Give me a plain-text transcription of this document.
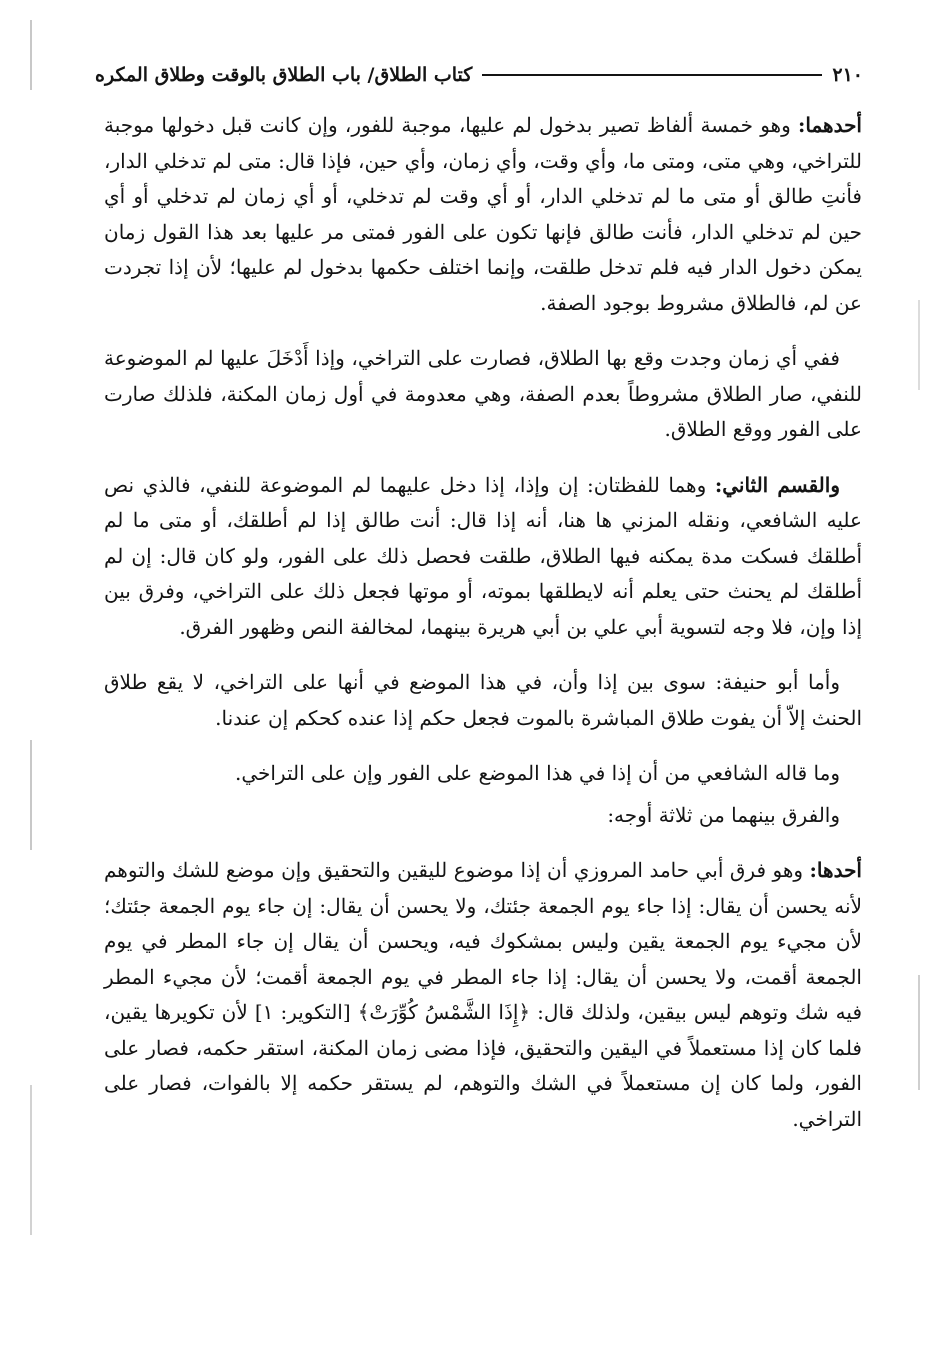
٢١٠
كتاب الطلاق/ باب الطلاق بالوقت وطلاق المكره

أحدهما: وهو خمسة ألفاظ تصير بدخول لم عليها، موجبة للفور، وإن كانت قبل دخولها موجبة للتراخي، وهي متى، ومتى ما، وأي وقت، وأي زمان، وأي حين، فإذا قال: متى لم تدخلي الدار، فأنتِ طالق أو متى ما لم تدخلي الدار، أو أي وقت لم تدخلي، أو أي زمان لم تدخلي أو أي حين لم تدخلي الدار، فأنت طالق فإنها تكون على الفور فمتى مر عليها بعد هذا القول زمان يمكن دخول الدار فيه فلم تدخل طلقت، وإنما اختلف حكمها بدخول لم عليها؛ لأن إذا تجردت عن لم، فالطلاق مشروط بوجود الصفة.

ففي أي زمان وجدت وقع بها الطلاق، فصارت على التراخي، وإذا أَدْخَلَ عليها لم الموضوعة للنفي، صار الطلاق مشروطاً بعدم الصفة، وهي معدومة في أول زمان المكنة، فلذلك صارت على الفور ووقع الطلاق.

والقسم الثاني: وهما للفظتان: إن وإذا، إذا دخل عليهما لم الموضوعة للنفي، فالذي نص عليه الشافعي، ونقله المزني ها هنا، أنه إذا قال: أنت طالق إذا لم أطلقك، أو متى ما لم أطلقك فسكت مدة يمكنه فيها الطلاق، طلقت فحصل ذلك على الفور، ولو كان قال: إن لم أطلقك لم يحنث حتى يعلم أنه لايطلقها بموته، أو موتها فجعل ذلك على التراخي، وفرق بين إذا وإن، فلا وجه لتسوية أبي علي بن أبي هريرة بينهما، لمخالفة النص وظهور الفرق.

وأما أبو حنيفة: سوى بين إذا وأن، في هذا الموضع في أنها على التراخي، لا يقع طلاق الحنث إلاّ أن يفوت طلاق المباشرة بالموت فجعل حكم إذا عنده كحكم إن عندنا.

وما قاله الشافعي من أن إذا في هذا الموضع على الفور وإن على التراخي.

والفرق بينهما من ثلاثة أوجه:

أحدها: وهو فرق أبي حامد المروزي أن إذا موضوع لليقين والتحقيق وإن موضع للشك والتوهم لأنه يحسن أن يقال: إذا جاء يوم الجمعة جئتك، ولا يحسن أن يقال: إن جاء يوم الجمعة جئتك؛ لأن مجيء يوم الجمعة يقين وليس بمشكوك فيه، ويحسن أن يقال إن جاء المطر في يوم الجمعة أقمت، ولا يحسن أن يقال: إذا جاء المطر في يوم الجمعة أقمت؛ لأن مجيء المطر فيه شك وتوهم ليس بيقين، ولذلك قال: ﴿إِذَا الشَّمْسُ كُوِّرَتْ﴾ [التكوير: ١] لأن تكويرها يقين، فلما كان إذا مستعملاً في اليقين والتحقيق، فإذا مضى زمان المكنة، استقر حكمه، فصار على الفور، ولما كان إن مستعملاً في الشك والتوهم، لم يستقر حكمه إلا بالفوات، فصار على التراخي.
